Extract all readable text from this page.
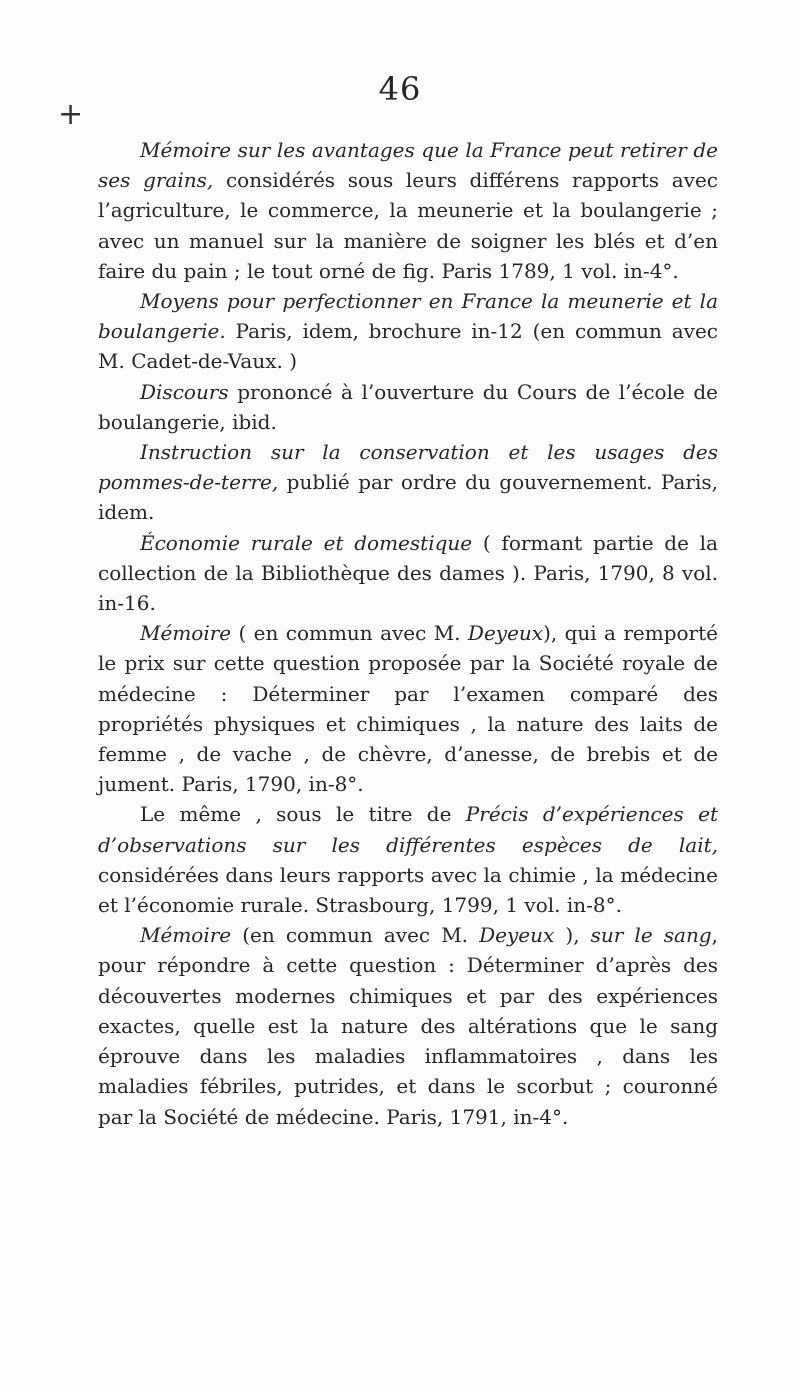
+
46

Mémoire sur les avantages que la France peut retirer de ses grains, considérés sous leurs différens rapports avec l’agriculture, le commerce, la meunerie et la boulangerie ; avec un manuel sur la manière de soigner les blés et d’en faire du pain ; le tout orné de fig. Paris 1789, 1 vol. in-4°.

Moyens pour perfectionner en France la meunerie et la boulangerie. Paris, idem, brochure in-12 (en commun avec M. Cadet-de-Vaux. )

Discours prononcé à l’ouverture du Cours de l’école de boulangerie, ibid.

Instruction sur la conservation et les usages des pommes-de-terre, publié par ordre du gouvernement. Paris, idem.

Économie rurale et domestique ( formant partie de la collection de la Bibliothèque des dames ). Paris, 1790, 8 vol. in-16.

Mémoire ( en commun avec M. Deyeux), qui a remporté le prix sur cette question proposée par la Société royale de médecine : Déterminer par l’examen comparé des propriétés physiques et chimiques , la nature des laits de femme , de vache , de chèvre, d’anesse, de brebis et de jument. Paris, 1790, in-8°.

Le même , sous le titre de Précis d’expériences et d’observations sur les différentes espèces de lait, considérées dans leurs rapports avec la chimie , la médecine et l’économie rurale. Strasbourg, 1799, 1 vol. in-8°.

Mémoire (en commun avec M. Deyeux ), sur le sang, pour répondre à cette question : Déterminer d’après des découvertes modernes chimiques et par des expériences exactes, quelle est la nature des altérations que le sang éprouve dans les maladies inflammatoires , dans les maladies fébriles, putrides, et dans le scorbut ; couronné par la Société de médecine. Paris, 1791, in-4°.
